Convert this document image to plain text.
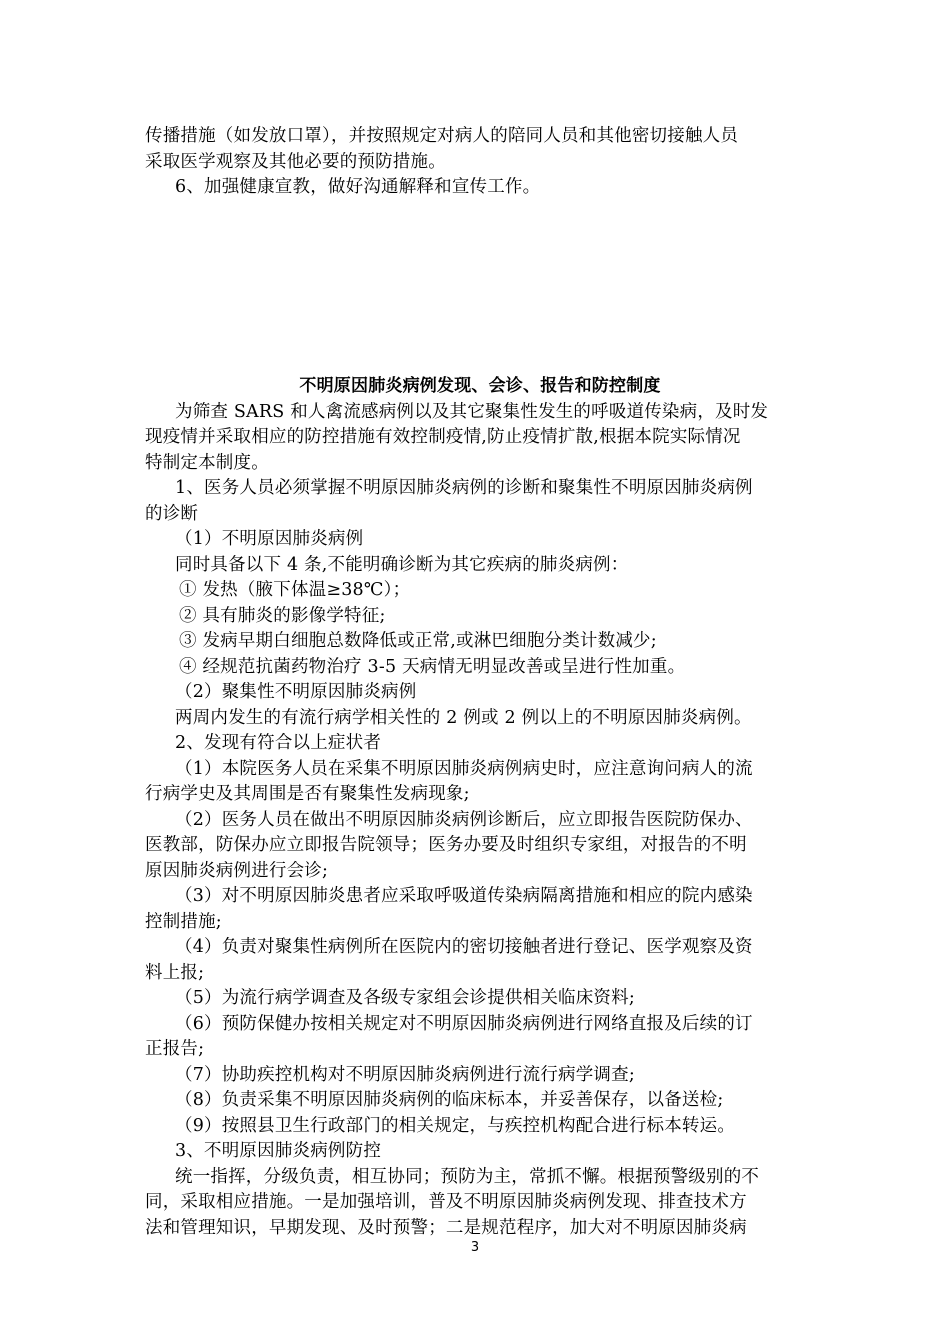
传播措施（如发放口罩），并按照规定对病人的陪同人员和其他密切接触人员

采取医学观察及其他必要的预防措施。

6、加强健康宣教，做好沟通解释和宣传工作。

不明原因肺炎病例发现、会诊、报告和防控制度

为筛查 SARS 和人禽流感病例以及其它聚集性发生的呼吸道传染病，及时发

现疫情并采取相应的防控措施有效控制疫情,防止疫情扩散,根据本院实际情况

特制定本制度。

1、医务人员必须掌握不明原因肺炎病例的诊断和聚集性不明原因肺炎病例

的诊断

（1）不明原因肺炎病例

同时具备以下 4 条,不能明确诊断为其它疾病的肺炎病例：

① 发热（腋下体温≥38℃）；

② 具有肺炎的影像学特征;

③ 发病早期白细胞总数降低或正常,或淋巴细胞分类计数减少;

④ 经规范抗菌药物治疗 3-5 天病情无明显改善或呈进行性加重。

（2）聚集性不明原因肺炎病例

两周内发生的有流行病学相关性的 2 例或 2 例以上的不明原因肺炎病例。

2、发现有符合以上症状者

（1）本院医务人员在采集不明原因肺炎病例病史时，应注意询问病人的流

行病学史及其周围是否有聚集性发病现象;

（2）医务人员在做出不明原因肺炎病例诊断后，应立即报告医院防保办、

医教部，防保办应立即报告院领导；医务办要及时组织专家组，对报告的不明

原因肺炎病例进行会诊;

（3）对不明原因肺炎患者应采取呼吸道传染病隔离措施和相应的院内感染

控制措施;

（4）负责对聚集性病例所在医院内的密切接触者进行登记、医学观察及资

料上报;

（5）为流行病学调查及各级专家组会诊提供相关临床资料;

（6）预防保健办按相关规定对不明原因肺炎病例进行网络直报及后续的订

正报告;

（7）协助疾控机构对不明原因肺炎病例进行流行病学调查;

（8）负责采集不明原因肺炎病例的临床标本，并妥善保存，以备送检;

（9）按照县卫生行政部门的相关规定，与疾控机构配合进行标本转运。

3、不明原因肺炎病例防控

统一指挥，分级负责，相互协同；预防为主，常抓不懈。根据预警级别的不

同，采取相应措施。一是加强培训，普及不明原因肺炎病例发现、排查技术方

法和管理知识，早期发现、及时预警；二是规范程序，加大对不明原因肺炎病

3
